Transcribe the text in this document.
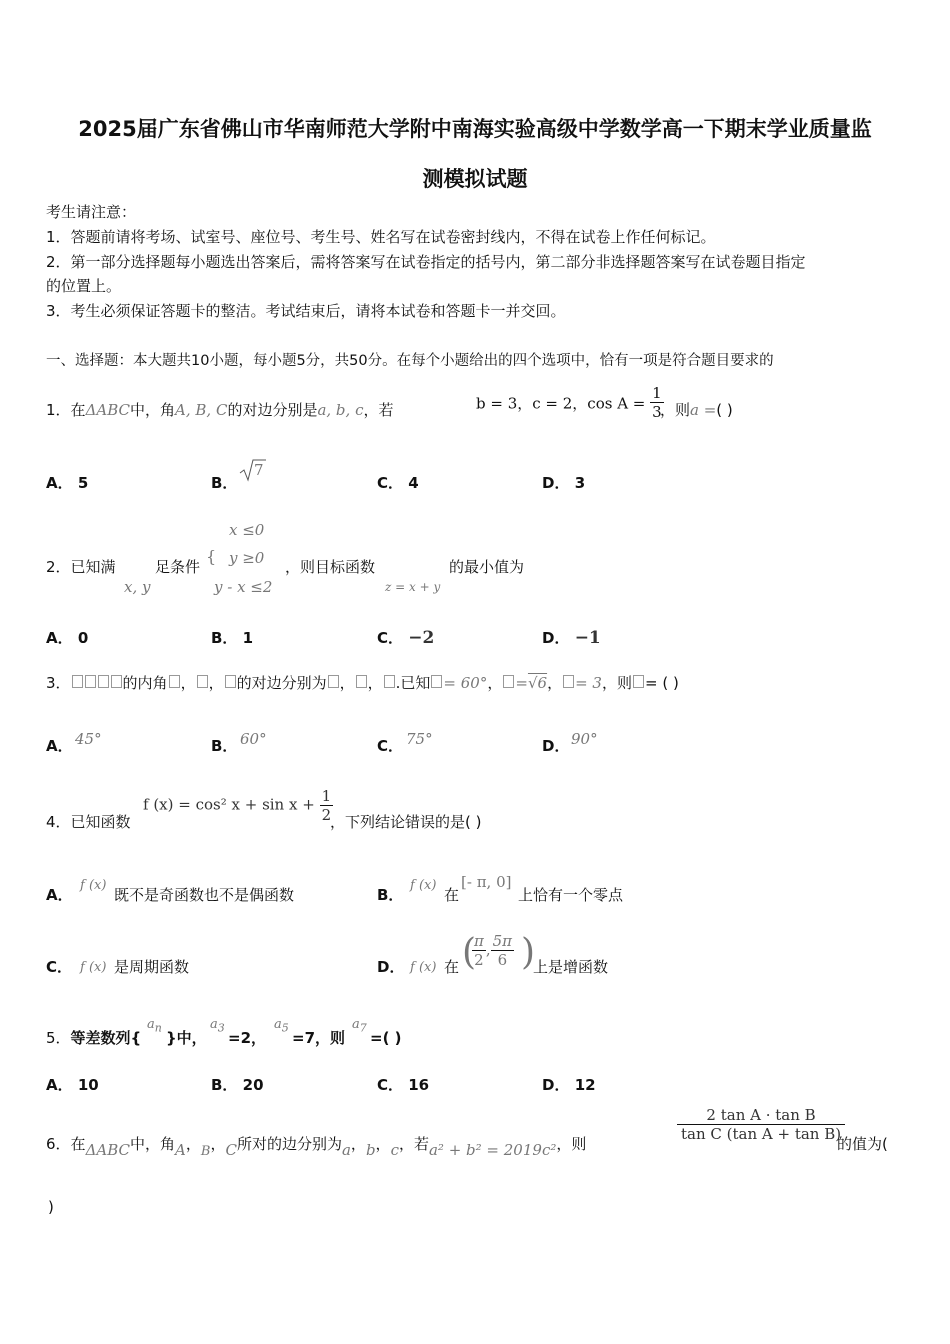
2025届广东省佛山市华南师范大学附中南海实验高级中学数学高一下期末学业质量监
测模拟试题
考生请注意：
1．答题前请将考场、试室号、座位号、考生号、姓名写在试卷密封线内，不得在试卷上作任何标记。
2．第一部分选择题每小题选出答案后，需将答案写在试卷指定的括号内，第二部分非选择题答案写在试卷题目指定
的位置上。
3．考生必须保证答题卡的整洁。考试结束后，请将本试卷和答题卡一并交回。
一、选择题：本大题共10小题，每小题5分，共50分。在每个小题给出的四个选项中，恰有一项是符合题目要求的
1．在ΔABC中，角A, B, C的对边分别是a, b, c，若	b = 3，c = 2，$\cos A = \frac{1}{3}$
，则a =( )
A． 5	B．
7
C． 4	D． 3
2．已知满
x, y
足条件
{
x ≤0
y ≥0
y - x ≤2
，则目标函数
z = x + y
的最小值为
A． 0	B． 1	C． −2	D． −1
3．	的内角 ， ， 的对边分别为 ， ， .已知 = 60°， =√6， = 3，则 = ( )
A． 45°	B． 60°	C． 75°	D． 90°
4．已知函数
f (x) = cos² $x + \sin x + \frac{1}{2}$
，下列结论错误的是( )
A．
f (x)
既不是奇函数也不是偶函数	B．
f (x)
在
[- π, 0]
上恰有一个零点
C． f (x) 是周期函数	D． f (x) 在 (
$\frac{\pi}{2}$ , $\frac{5\pi}{6}$ )
上是增函数
5．等差数列{
$a_n$
}中，
$a_3$
=2，
$a_5$
=7，则
$a_7$
=( )
A． 10	B． 20	C． 16	D． 12
6．在ΔABC中，角A，B，C所对的边分别为a，b，c，若a² + b² = 2019c²，则
$\frac{\text{2 tan A · tan B}}{\text{tan C (tan A + tan B)}}$
的值为(
)
